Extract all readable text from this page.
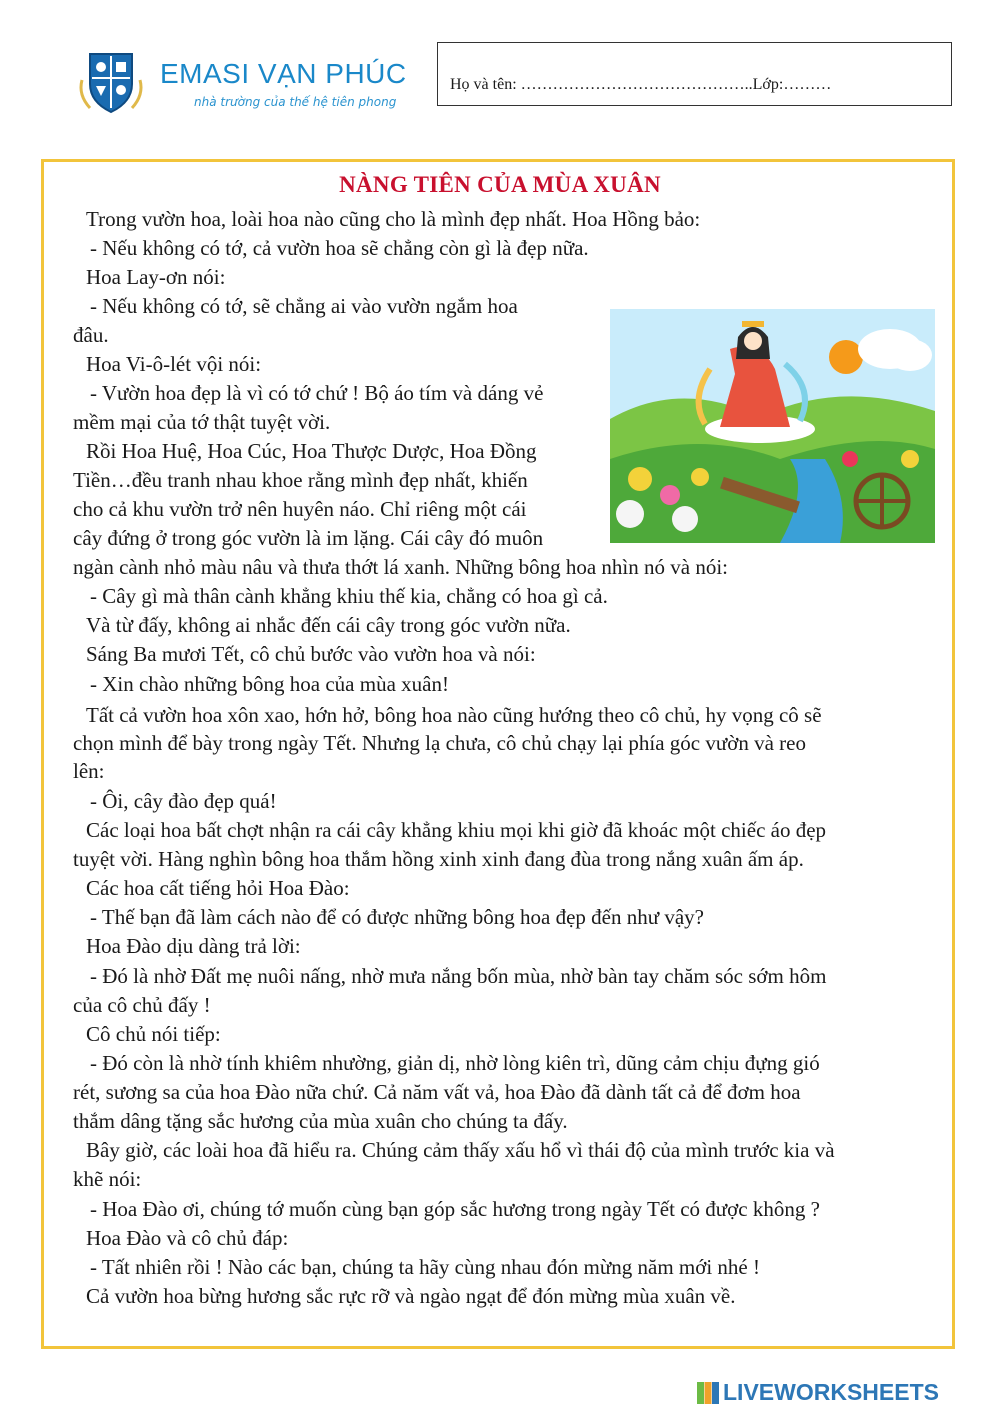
EMASI VẠN PHÚC
nhà trường của thế hệ tiên phong
Họ và tên: ……………………………………..Lớp:………
NÀNG TIÊN CỦA MÙA XUÂN
Trong vườn hoa, loài hoa nào cũng cho là mình đẹp nhất. Hoa Hồng bảo:
- Nếu không có tớ, cả vườn hoa sẽ chẳng còn gì là đẹp nữa.
Hoa Lay-ơn nói:
- Nếu không có tớ, sẽ chẳng ai vào vườn ngắm hoa
đâu.
Hoa Vi-ô-lét vội nói:
- Vườn hoa đẹp là vì có tớ chứ ! Bộ áo tím và dáng vẻ
mềm mại của tớ thật tuyệt vời.
Rồi Hoa Huệ, Hoa Cúc, Hoa Thược Dược, Hoa Đồng
Tiền…đều tranh nhau khoe rằng mình đẹp nhất, khiến
cho cả khu vườn trở nên huyên náo. Chỉ riêng một cái
cây đứng ở trong góc vườn là im lặng. Cái cây đó muôn
ngàn cành nhỏ màu nâu và thưa thớt lá xanh. Những bông hoa nhìn nó và nói:
- Cây gì mà thân cành khẳng khiu thế kia, chẳng có hoa gì cả.
Và từ đấy, không ai nhắc đến cái cây trong góc vườn nữa.
Sáng Ba mươi Tết, cô chủ bước vào vườn hoa và nói:
- Xin chào những bông hoa của mùa xuân!
Tất cả vườn hoa xôn xao, hớn hở, bông hoa nào cũng hướng theo cô chủ, hy vọng cô sẽ
chọn mình để bày trong ngày Tết. Nhưng lạ chưa, cô chủ chạy lại phía góc vườn và reo
lên:
- Ôi, cây đào đẹp quá!
Các loại hoa bất chợt nhận ra cái cây khẳng khiu mọi khi giờ đã khoác một chiếc áo đẹp
tuyệt vời. Hàng nghìn bông hoa thắm hồng xinh xinh đang đùa trong nắng xuân ấm áp.
Các hoa cất tiếng hỏi Hoa Đào:
- Thế bạn đã làm cách nào để có được những bông hoa đẹp đến như vậy?
Hoa Đào dịu dàng trả lời:
- Đó là nhờ Đất mẹ nuôi nấng, nhờ mưa nắng bốn mùa, nhờ bàn tay chăm sóc sớm hôm
của cô chủ đấy !
Cô chủ nói tiếp:
- Đó còn là nhờ tính khiêm nhường, giản dị, nhờ lòng kiên trì, dũng cảm chịu đựng gió
rét, sương sa của hoa Đào nữa chứ. Cả năm vất vả, hoa Đào đã dành tất cả để đơm hoa
thắm dâng tặng sắc hương của mùa xuân cho chúng ta đấy.
Bây giờ, các loài hoa đã hiểu ra. Chúng cảm thấy xấu hổ vì thái độ của mình trước kia và
khẽ nói:
- Hoa Đào ơi, chúng tớ muốn cùng bạn góp sắc hương trong ngày Tết có được không ?
Hoa Đào và cô chủ đáp:
- Tất nhiên rồi ! Nào các bạn, chúng ta hãy cùng nhau đón mừng năm mới nhé !
Cả vườn hoa bừng hương sắc rực rỡ và ngào ngạt để đón mừng mùa xuân về.
LIVEWORKSHEETS
